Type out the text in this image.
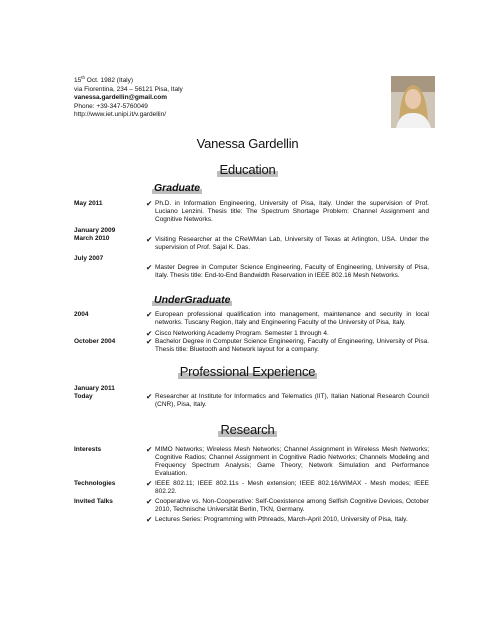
15th Oct. 1982 (Italy)
via Fiorentina, 234 – 56121 Pisa, Italy
vanessa.gardellin@gmail.com
Phone: +39-347-5760049
http://www.iet.unipi.it/v.gardellin/
Vanessa Gardellin
Education
Graduate
May 2011	✔ Ph.D. in Information Engineering, University of Pisa, Italy. Under the supervision of Prof. Luciano Lenzini. Thesis title: The Spectrum Shortage Problem: Channel Assignment and Cognitive Networks.
January 2009
March 2010	✔ Visiting Researcher at the CReWMan Lab, University of Texas at Arlington, USA. Under the supervision of Prof. Sajal K. Das.
July 2007
✔ Master Degree in Computer Science Engineering, Faculty of Engineering, University of Pisa, Italy. Thesis title: End-to-End Bandwidth Reservation in IEEE 802.16 Mesh Networks.
UnderGraduate
2004	✔ European professional qualification into management, maintenance and security in local networks. Tuscany Region, Italy and Engineering Faculty of the University of Pisa, Italy.
✔ Cisco Networking Academy Program. Semester 1 through 4.
October 2004	✔ Bachelor Degree in Computer Science Engineering, Faculty of Engineering, University of Pisa. Thesis title: Bluetooth and Network layout for a company.
Professional Experience
January 2011
Today	✔ Researcher at Institute for Informatics and Telematics (IIT), Italian National Research Council (CNR), Pisa, Italy.
Research
Interests	✔ MIMO Networks; Wireless Mesh Networks; Channel Assignment in Wireless Mesh Networks; Cognitive Radios; Channel Assignment in Cognitive Radio Networks; Channels Modeling and Frequency Spectrum Analysis; Game Theory; Network Simulation and Performance Evaluation.
Technologies	✔ IEEE 802.11; IEEE 802.11s - Mesh extension; IEEE 802.16/WiMAX - Mesh modes; IEEE 802.22.
Invited Talks	✔ Cooperative vs. Non-Cooperative: Self-Coexistence among Selfish Cognitive Devices, October 2010, Technische Universität Berlin, TKN, Germany.
✔ Lectures Series: Programming with Pthreads, March-April 2010, University of Pisa, Italy.
